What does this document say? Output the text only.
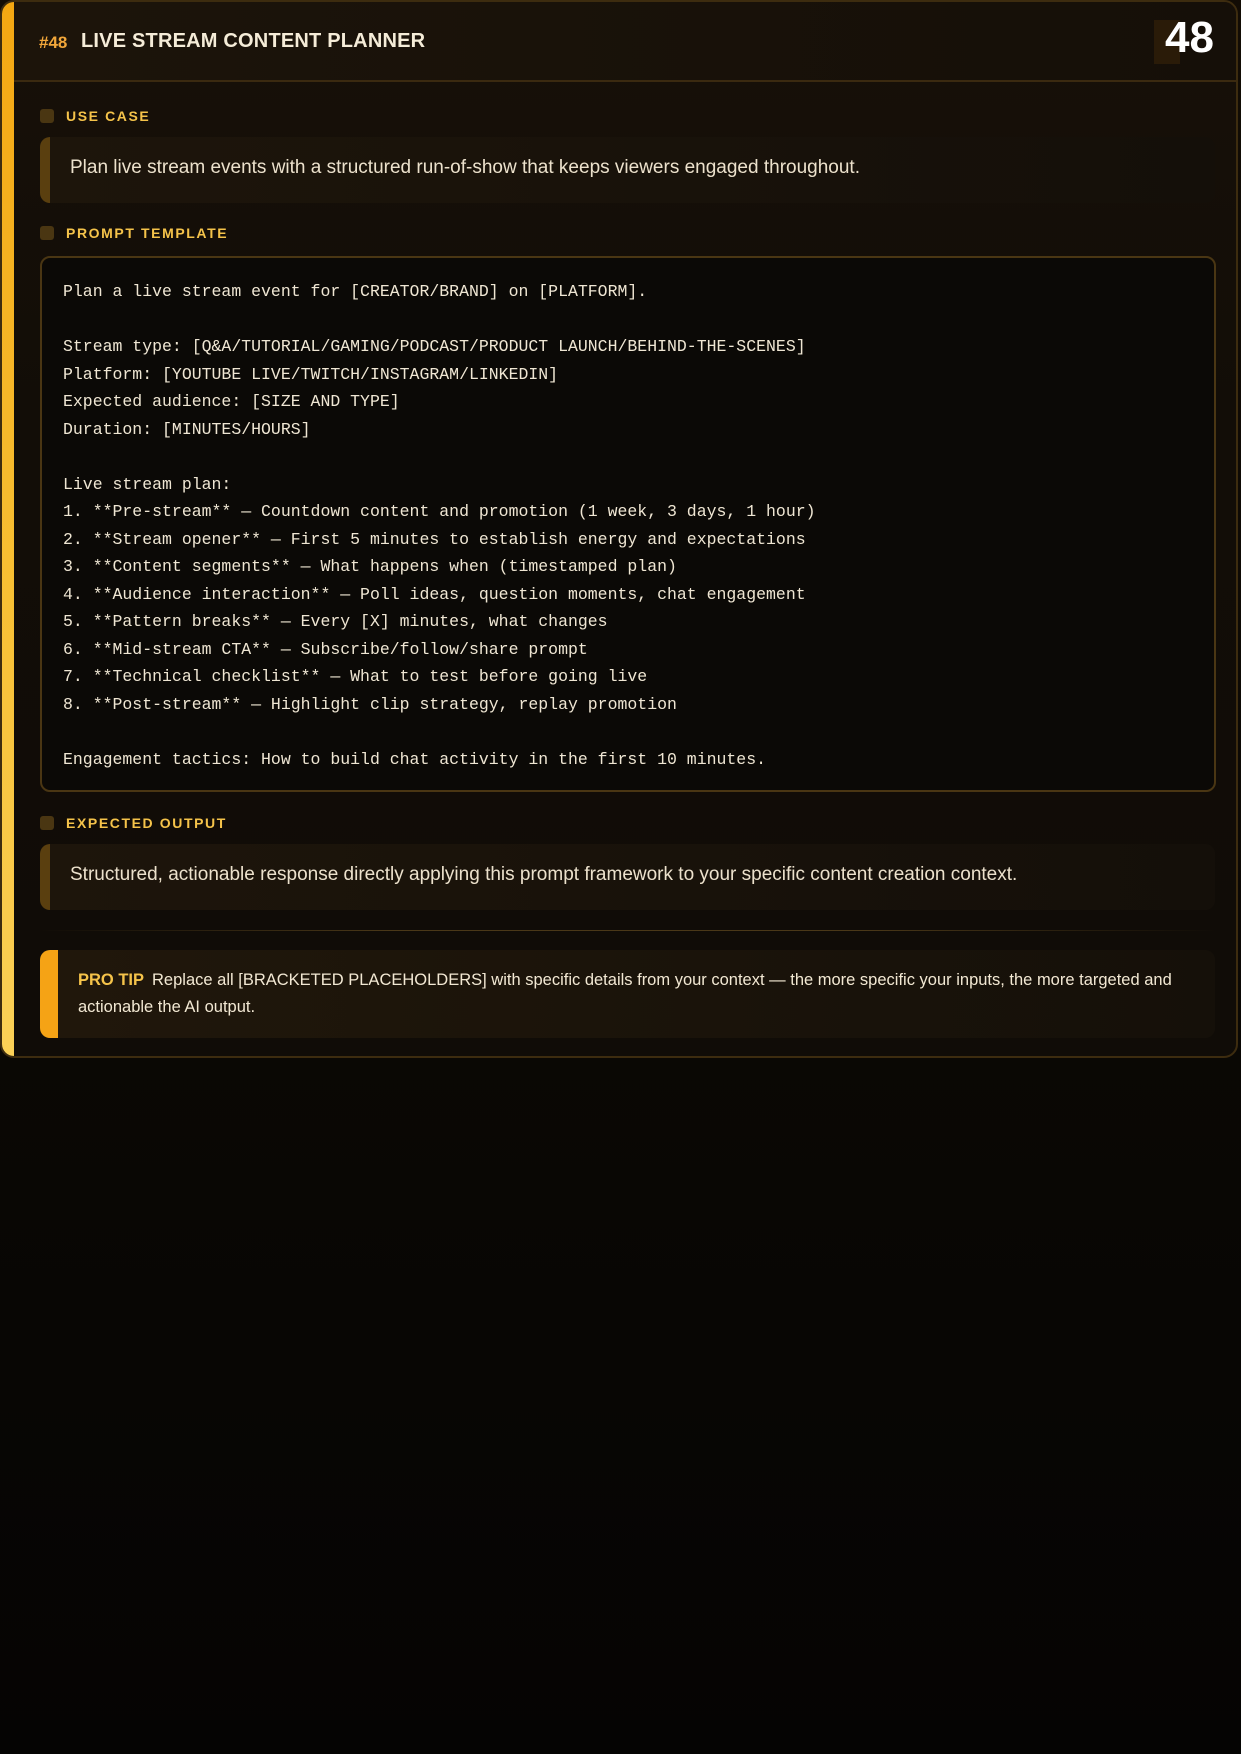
#48 LIVE STREAM CONTENT PLANNER	48
USE CASE
Plan live stream events with a structured run-of-show that keeps viewers engaged throughout.
PROMPT TEMPLATE
Plan a live stream event for [CREATOR/BRAND] on [PLATFORM].
Stream type: [Q&A/TUTORIAL/GAMING/PODCAST/PRODUCT LAUNCH/BEHIND-THE-SCENES]
Platform: [YOUTUBE LIVE/TWITCH/INSTAGRAM/LINKEDIN]
Expected audience: [SIZE AND TYPE]
Duration: [MINUTES/HOURS]
Live stream plan:
1. **Pre-stream** — Countdown content and promotion (1 week, 3 days, 1 hour)
2. **Stream opener** — First 5 minutes to establish energy and expectations
3. **Content segments** — What happens when (timestamped plan)
4. **Audience interaction** — Poll ideas, question moments, chat engagement
5. **Pattern breaks** — Every [X] minutes, what changes
6. **Mid-stream CTA** — Subscribe/follow/share prompt
7. **Technical checklist** — What to test before going live
8. **Post-stream** — Highlight clip strategy, replay promotion
Engagement tactics: How to build chat activity in the first 10 minutes.
EXPECTED OUTPUT
Structured, actionable response directly applying this prompt framework to your specific content creation context.
PRO TIP Replace all [BRACKETED PLACEHOLDERS] with specific details from your context — the more specific your inputs, the more targeted and actionable the AI output.
